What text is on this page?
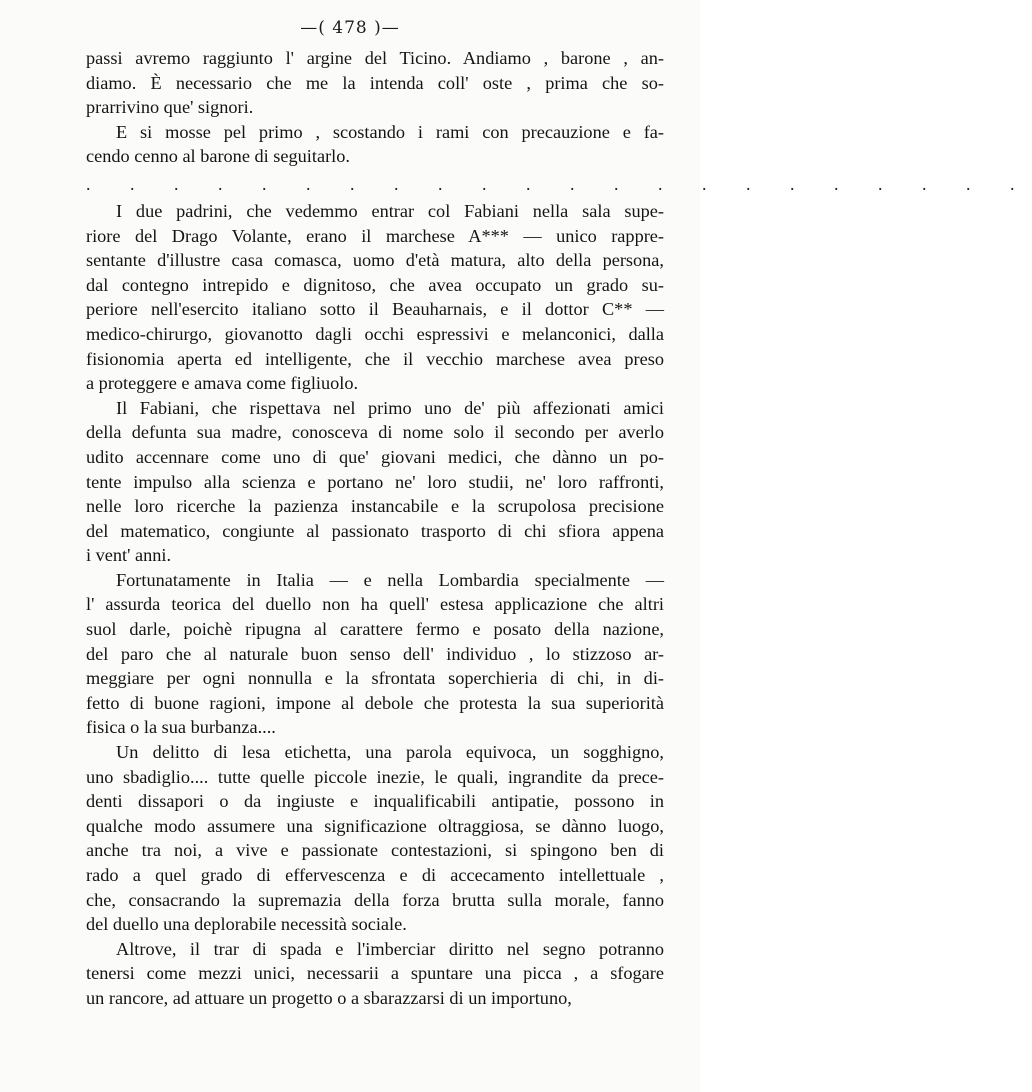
—( 478 )—
passi avremo raggiunto l' argine del Ticino. Andiamo , barone , an-
diamo. È necessario che me la intenda coll' oste , prima che so-
prarrivino que' signori.
E si mosse pel primo , scostando i rami con precauzione e fa-
cendo cenno al barone di seguitarlo.
. . . . . . . . . . . . . . . . . . . . . .
I due padrini, che vedemmo entrar col Fabiani nella sala supe-
riore del Drago Volante, erano il marchese A*** — unico rappre-
sentante d'illustre casa comasca, uomo d'età matura, alto della persona,
dal contegno intrepido e dignitoso, che avea occupato un grado su-
periore nell'esercito italiano sotto il Beauharnais, e il dottor C** —
medico-chirurgo, giovanotto dagli occhi espressivi e melanconici, dalla
fisionomia aperta ed intelligente, che il vecchio marchese avea preso
a proteggere e amava come figliuolo.
Il Fabiani, che rispettava nel primo uno de' più affezionati amici
della defunta sua madre, conosceva di nome solo il secondo per averlo
udito accennare come uno di que' giovani medici, che dànno un po-
tente impulso alla scienza e portano ne' loro studii, ne' loro raffronti,
nelle loro ricerche la pazienza instancabile e la scrupolosa precisione
del matematico, congiunte al passionato trasporto di chi sfiora appena
i vent' anni.
Fortunatamente in Italia — e nella Lombardia specialmente —
l' assurda teorica del duello non ha quell' estesa applicazione che altri
suol darle, poichè ripugna al carattere fermo e posato della nazione,
del paro che al naturale buon senso dell' individuo , lo stizzoso ar-
meggiare per ogni nonnulla e la sfrontata soperchieria di chi, in di-
fetto di buone ragioni, impone al debole che protesta la sua superiorità
fisica o la sua burbanza....
Un delitto di lesa etichetta, una parola equivoca, un sogghigno,
uno sbadiglio.... tutte quelle piccole inezie, le quali, ingrandite da prece-
denti dissapori o da ingiuste e inqualificabili antipatie, possono in
qualche modo assumere una significazione oltraggiosa, se dànno luogo,
anche tra noi, a vive e passionate contestazioni, si spingono ben di
rado a quel grado di effervescenza e di accecamento intellettuale ,
che, consacrando la supremazia della forza brutta sulla morale, fanno
del duello una deplorabile necessità sociale.
Altrove, il trar di spada e l'imberciar diritto nel segno potranno
tenersi come mezzi unici, necessarii a spuntare una picca , a sfogare
un rancore, ad attuare un progetto o a sbarazzarsi di un importuno,
